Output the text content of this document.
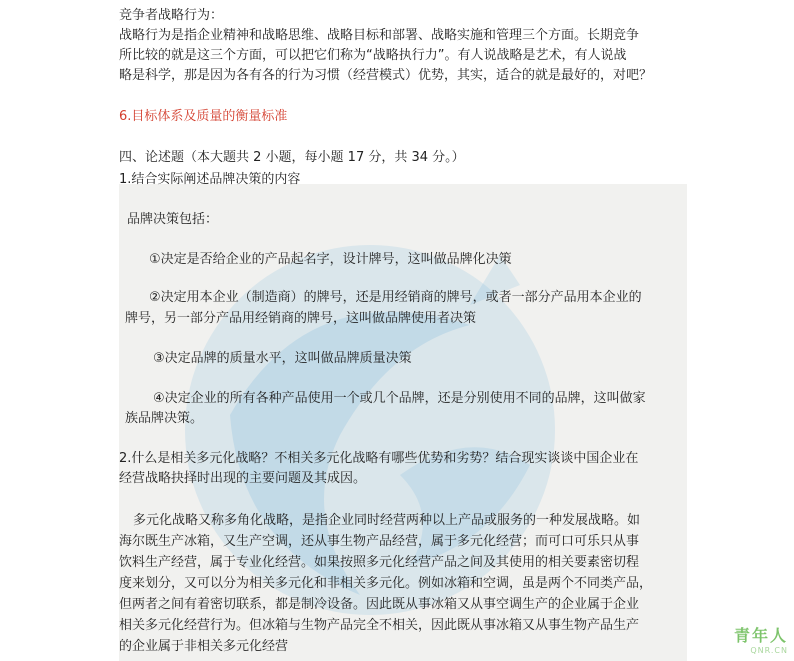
竞争者战略行为：
战略行为是指企业精神和战略思维、战略目标和部署、战略实施和管理三个方面。长期竞争
所比较的就是这三个方面，可以把它们称为“战略执行力”。有人说战略是艺术，有人说战
略是科学，那是因为各有各的行为习惯（经营模式）优势，其实，适合的就是最好的，对吧？
6.目标体系及质量的衡量标准
四、论述题（本大题共 2 小题，每小题 17 分，共 34 分。）
1.结合实际阐述品牌决策的内容
品牌决策包括：
①决定是否给企业的产品起名字，设计牌号，这叫做品牌化决策
②决定用本企业（制造商）的牌号，还是用经销商的牌号，或者一部分产品用本企业的
牌号，另一部分产品用经销商的牌号，这叫做品牌使用者决策
③决定品牌的质量水平，这叫做品牌质量决策
④决定企业的所有各种产品使用一个或几个品牌，还是分别使用不同的品牌，这叫做家
族品牌决策。
2.什么是相关多元化战略？不相关多元化战略有哪些优势和劣势？结合现实谈谈中国企业在
经营战略抉择时出现的主要问题及其成因。
多元化战略又称多角化战略，是指企业同时经营两种以上产品或服务的一种发展战略。如
海尔既生产冰箱，又生产空调，还从事生物产品经营，属于多元化经营；而可口可乐只从事
饮料生产经营，属于专业化经营。如果按照多元化经营产品之间及其使用的相关要素密切程
度来划分，又可以分为相关多元化和非相关多元化。例如冰箱和空调，虽是两个不同类产品，
但两者之间有着密切联系，都是制冷设备。因此既从事冰箱又从事空调生产的企业属于企业
相关多元化经营行为。但冰箱与生物产品完全不相关，因此既从事冰箱又从事生物产品生产
的企业属于非相关多元化经营
青年人
QNR.CN
